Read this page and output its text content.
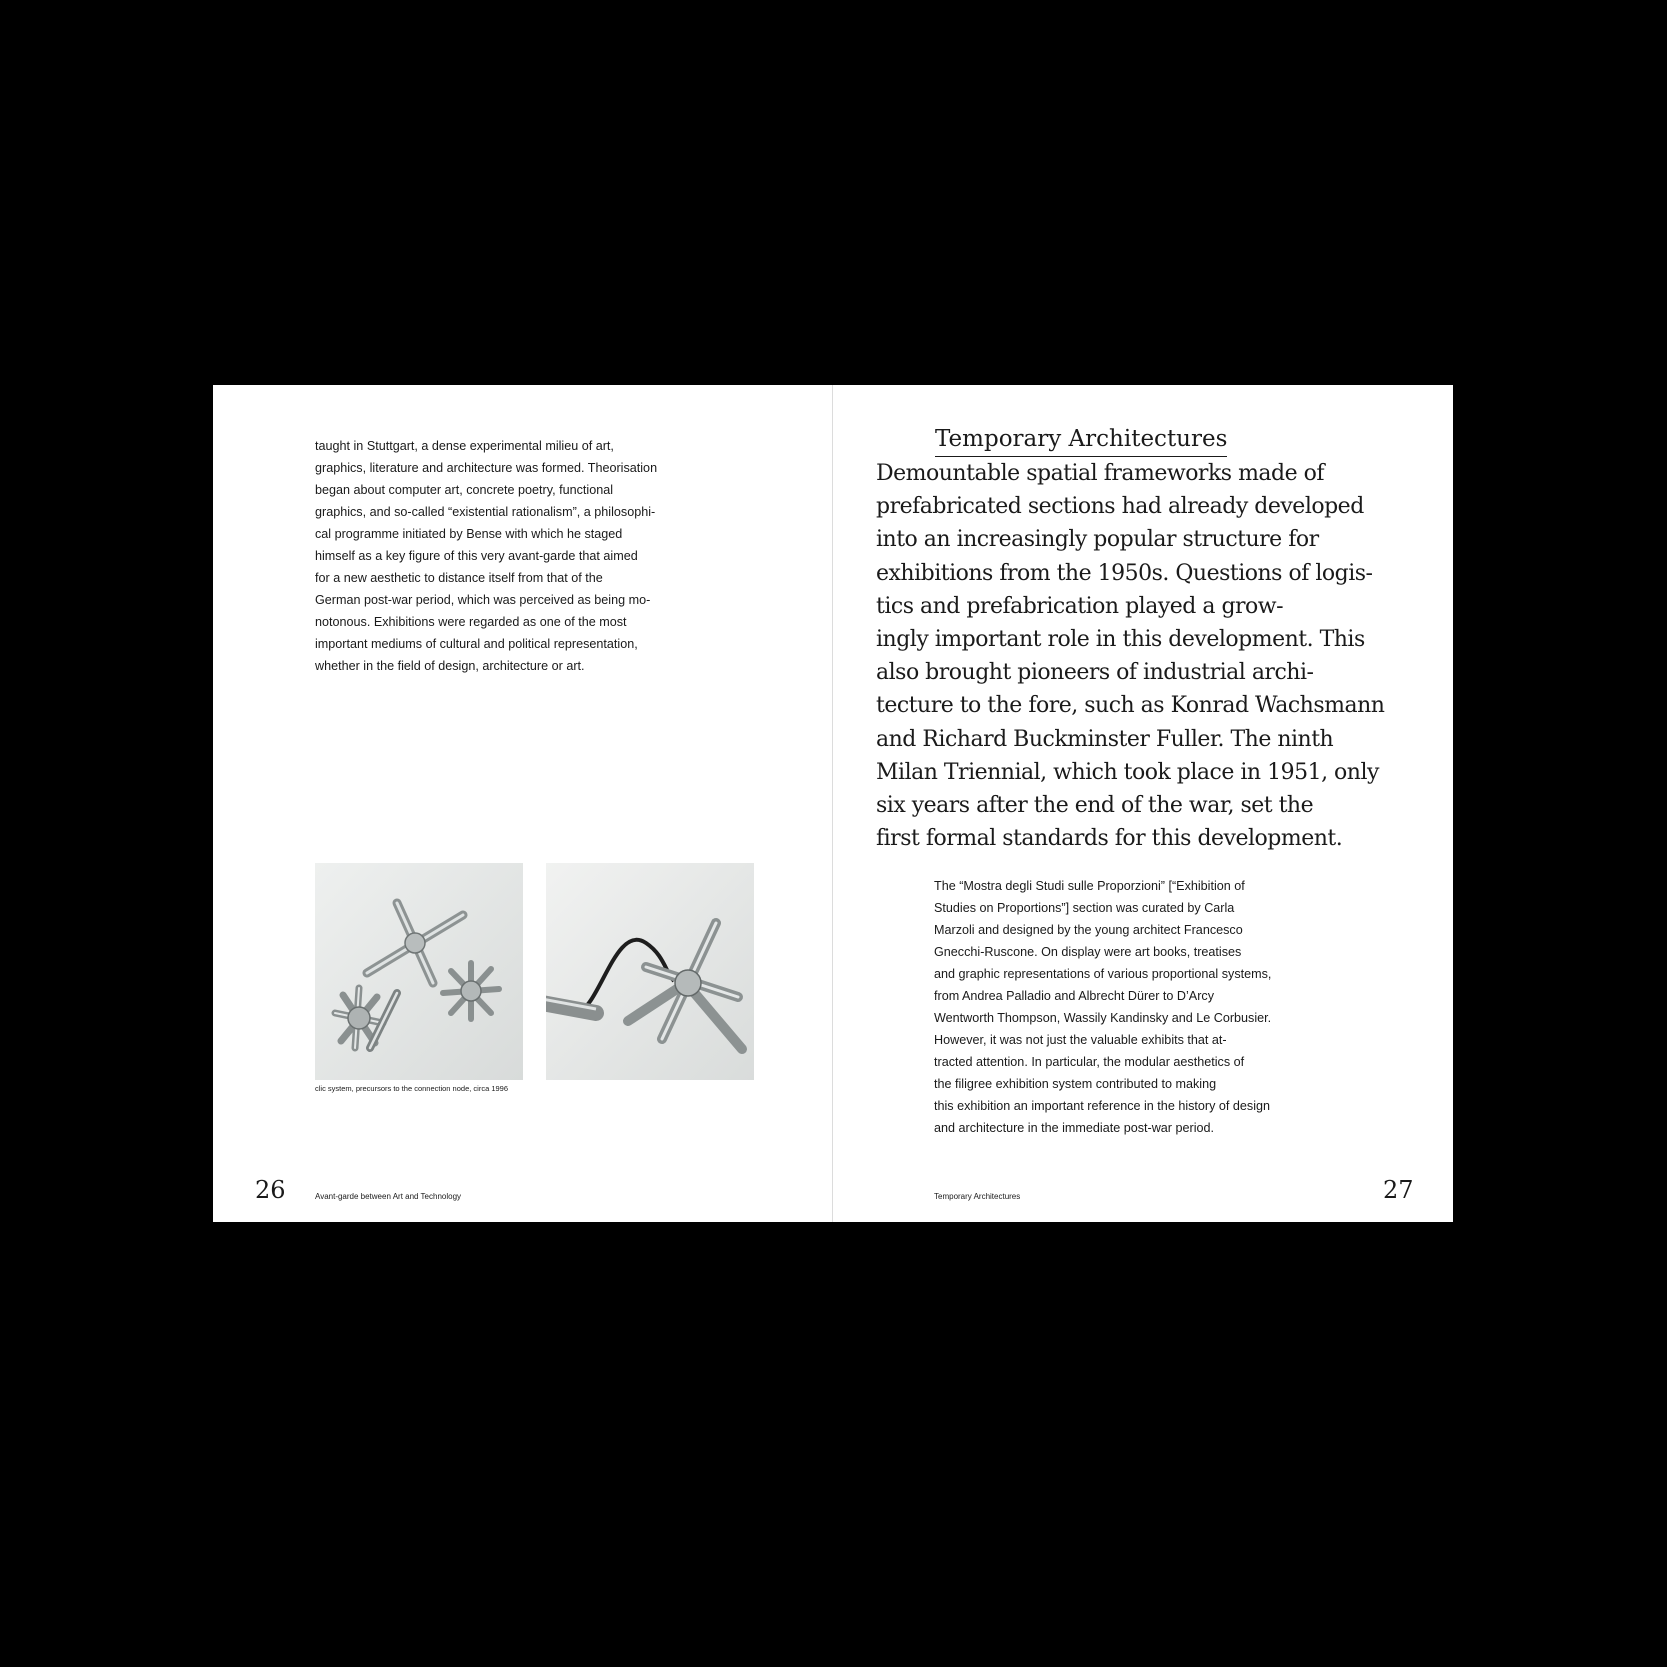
taught in Stuttgart, a dense experimental milieu of art,
graphics, literature and architecture was formed. Theorisation
began about computer art, concrete poetry, functional
graphics, and so-called “existential rationalism”, a philosophi-
cal programme initiated by Bense with which he staged
himself as a key figure of this very avant-garde that aimed
for a new aesthetic to distance itself from that of the
German post-war period, which was perceived as being mo-
notonous. Exhibitions were regarded as one of the most
important mediums of cultural and political representation,
whether in the field of design, architecture or art.
clic system, precursors to the connection node, circa 1996
26	Avant-garde between Art and Technology
Temporary Architectures
Demountable spatial frameworks made of
prefabricated sections had already developed
into an increasingly popular structure for
exhibitions from the 1950s. Questions of logis-
tics and prefabrication played a grow-
ingly important role in this development. This
also brought pioneers of industrial archi-
tecture to the fore, such as Konrad Wachsmann
and Richard Buckminster Fuller. The ninth
Milan Triennial, which took place in 1951, only
six years after the end of the war, set the
first formal standards for this development.
The “Mostra degli Studi sulle Proporzioni” [“Exhibition of
Studies on Proportions”] section was curated by Carla
Marzoli and designed by the young architect Francesco
Gnecchi-Ruscone. On display were art books, treatises
and graphic representations of various proportional systems,
from Andrea Palladio and Albrecht Dürer to D’Arcy
Wentworth Thompson, Wassily Kandinsky and Le Corbusier.
However, it was not just the valuable exhibits that at-
tracted attention. In particular, the modular aesthetics of
the filigree exhibition system contributed to making
this exhibition an important reference in the history of design
and architecture in the immediate post-war period.
Temporary Architectures	27
